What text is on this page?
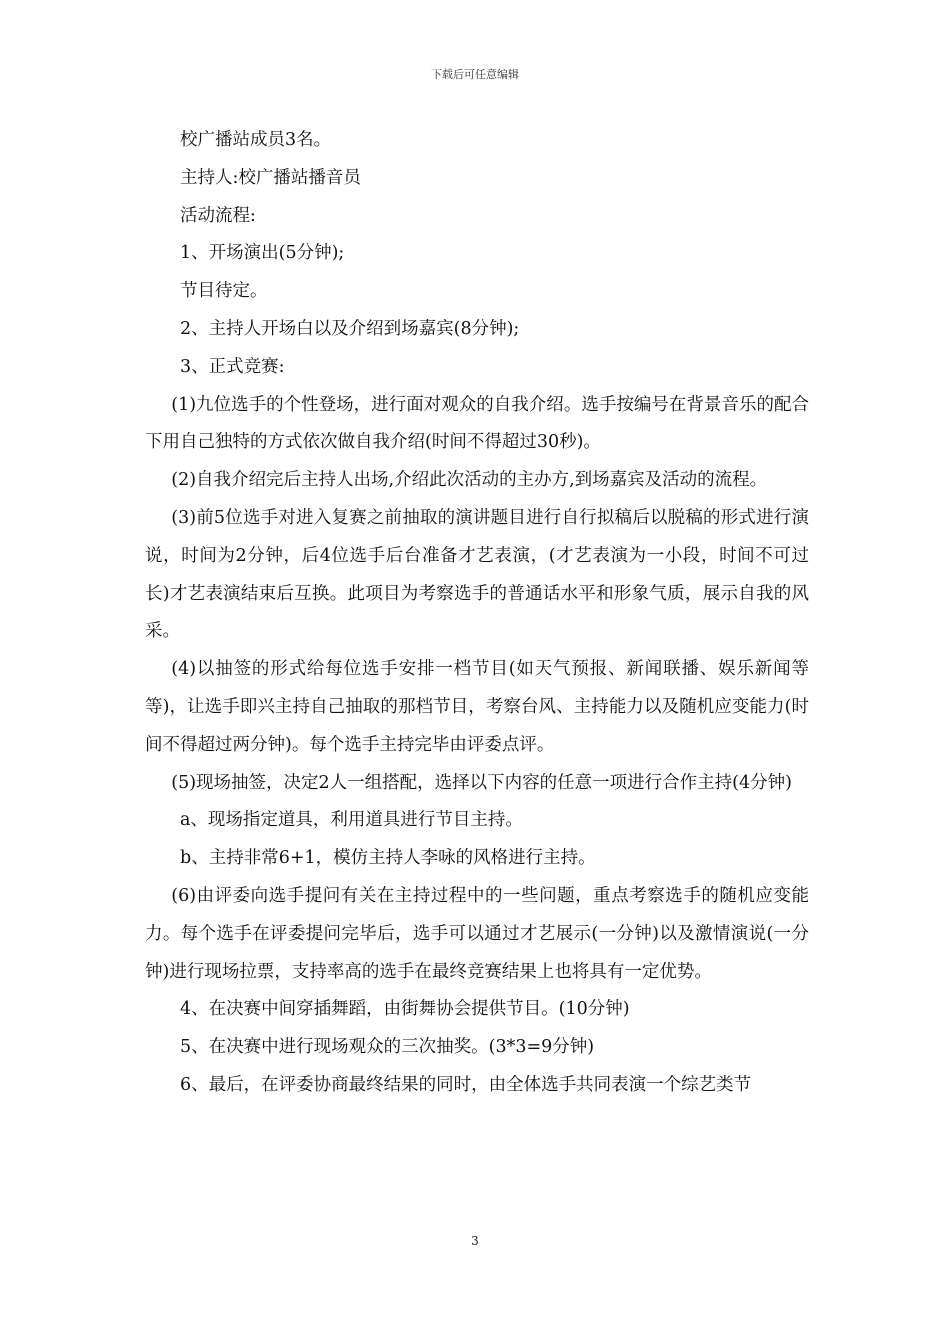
下载后可任意编辑

校广播站成员3名。

主持人:校广播站播音员

活动流程:

1、开场演出(5分钟);

节目待定。

2、主持人开场白以及介绍到场嘉宾(8分钟);

3、正式竞赛:

(1)九位选手的个性登场，进行面对观众的自我介绍。选手按编号在背景音乐的配合下用自己独特的方式依次做自我介绍(时间不得超过30秒)。

(2)自我介绍完后主持人出场,介绍此次活动的主办方,到场嘉宾及活动的流程。

(3)前5位选手对进入复赛之前抽取的演讲题目进行自行拟稿后以脱稿的形式进行演说，时间为2分钟，后4位选手后台准备才艺表演，(才艺表演为一小段，时间不可过长)才艺表演结束后互换。此项目为考察选手的普通话水平和形象气质，展示自我的风采。

(4)以抽签的形式给每位选手安排一档节目(如天气预报、新闻联播、娱乐新闻等等)，让选手即兴主持自己抽取的那档节目，考察台风、主持能力以及随机应变能力(时间不得超过两分钟)。每个选手主持完毕由评委点评。

(5)现场抽签，决定2人一组搭配，选择以下内容的任意一项进行合作主持(4分钟)

a、现场指定道具，利用道具进行节目主持。

b、主持非常6+1，模仿主持人李咏的风格进行主持。

(6)由评委向选手提问有关在主持过程中的一些问题，重点考察选手的随机应变能力。每个选手在评委提问完毕后，选手可以通过才艺展示(一分钟)以及激情演说(一分钟)进行现场拉票，支持率高的选手在最终竞赛结果上也将具有一定优势。

4、在决赛中间穿插舞蹈，由街舞协会提供节目。(10分钟)

5、在决赛中进行现场观众的三次抽奖。(3*3=9分钟)

6、最后，在评委协商最终结果的同时，由全体选手共同表演一个综艺类节

3
